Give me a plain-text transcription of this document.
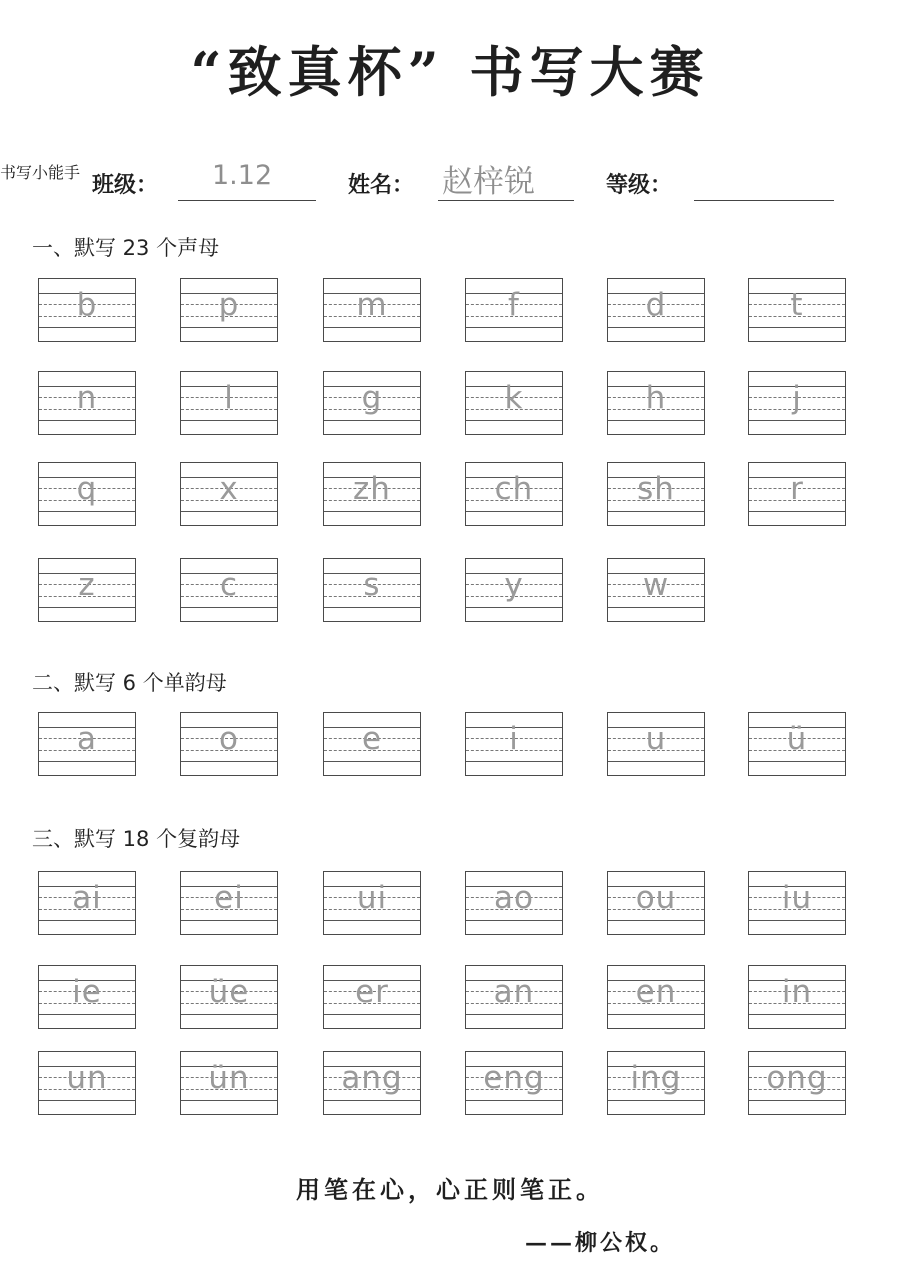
“致真杯” 书写大赛
班级： 1.12	姓名： 赵梓锐	等级：
书写小能手
一、默写 23 个声母
b	p	m	f	d	t
n	l	g	k	h	j
q	x	zh	ch	sh	r
z	c	s	y	w
二、默写 6 个单韵母
a	o	e	i	u	ü
三、默写 18 个复韵母
ai	ei	ui	ao	ou	iu
ie	üe	er	an	en	in
un	ün	ang	eng	ing	ong
用笔在心，心正则笔正。
——柳公权。
